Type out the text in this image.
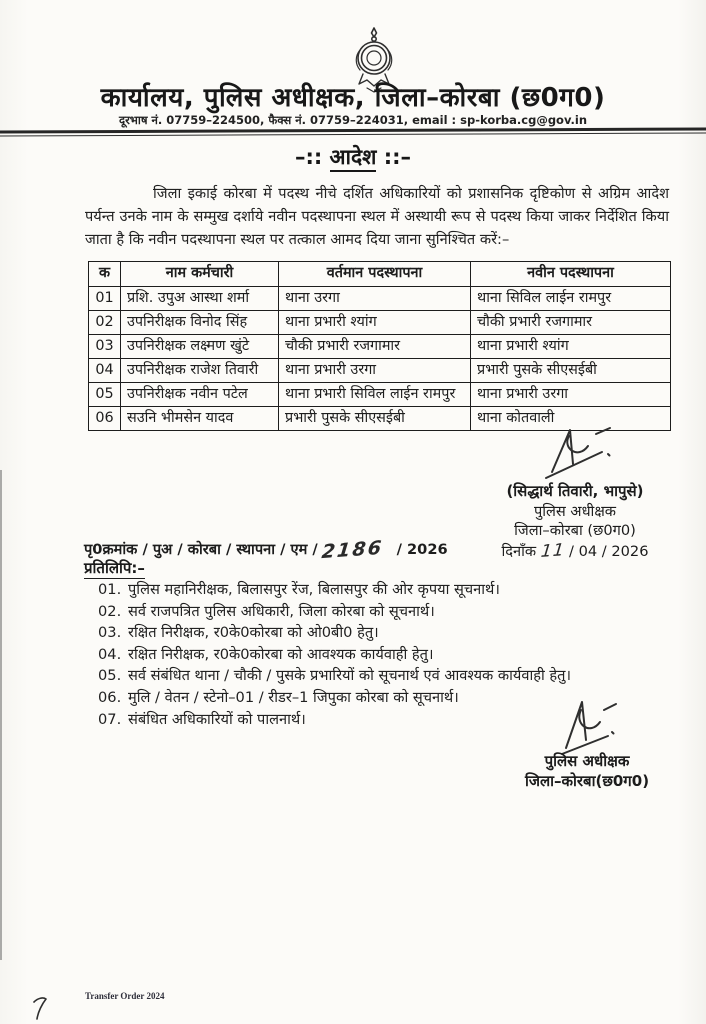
कार्यालय, पुलिस अधीक्षक, जिला–कोरबा (छ0ग0)
दूरभाष नं. 07759–224500, फैक्स नं. 07759–224031, email : sp-korba.cg@gov.in
–:: आदेश ::–
जिला इकाई कोरबा में पदस्थ नीचे दर्शित अधिकारियों को प्रशासनिक दृष्टिकोण से अग्रिम आदेश पर्यन्त उनके नाम के सम्मुख दर्शाये नवीन पदस्थापना स्थल में अस्थायी रूप से पदस्थ किया जाकर निर्देशित किया जाता है कि नवीन पदस्थापना स्थल पर तत्काल आमद दिया जाना सुनिश्चित करें:–
क	नाम कर्मचारी	वर्तमान पदस्थापना	नवीन पदस्थापना
01	प्रशि. उपुअ आस्था शर्मा	थाना उरगा	थाना सिविल लाईन रामपुर
02	उपनिरीक्षक विनोद सिंह	थाना प्रभारी श्यांग	चौकी प्रभारी रजगामार
03	उपनिरीक्षक लक्ष्मण खुंटे	चौकी प्रभारी रजगामार	थाना प्रभारी श्यांग
04	उपनिरीक्षक राजेश तिवारी	थाना प्रभारी उरगा	प्रभारी पुसके सीएसईबी
05	उपनिरीक्षक नवीन पटेल	थाना प्रभारी सिविल लाईन रामपुर	थाना प्रभारी उरगा
06	सउनि भीमसेन यादव	प्रभारी पुसके सीएसईबी	थाना कोतवाली
(सिद्धार्थ तिवारी, भापुसे)
पुलिस अधीक्षक
जिला–कोरबा (छ0ग0)
दिनाँक 11 / 04 / 2026
पृ0क्रमांक / पुअ / कोरबा / स्थापना / एम / 2186 / 2026
प्रतिलिपि:–
01. पुलिस महानिरीक्षक, बिलासपुर रेंज, बिलासपुर की ओर कृपया सूचनार्थ।
02. सर्व राजपत्रित पुलिस अधिकारी, जिला कोरबा को सूचनार्थ।
03. रक्षित निरीक्षक, र0के0कोरबा को ओ0बी0 हेतु।
04. रक्षित निरीक्षक, र0के0कोरबा को आवश्यक कार्यवाही हेतु।
05. सर्व संबंधित थाना / चौकी / पुसके प्रभारियों को सूचनार्थ एवं आवश्यक कार्यवाही हेतु।
06. मुलि / वेतन / स्टेनो–01 / रीडर–1 जिपुका कोरबा को सूचनार्थ।
07. संबंधित अधिकारियों को पालनार्थ।
पुलिस अधीक्षक
जिला–कोरबा(छ0ग0)
Transfer Order 2024
